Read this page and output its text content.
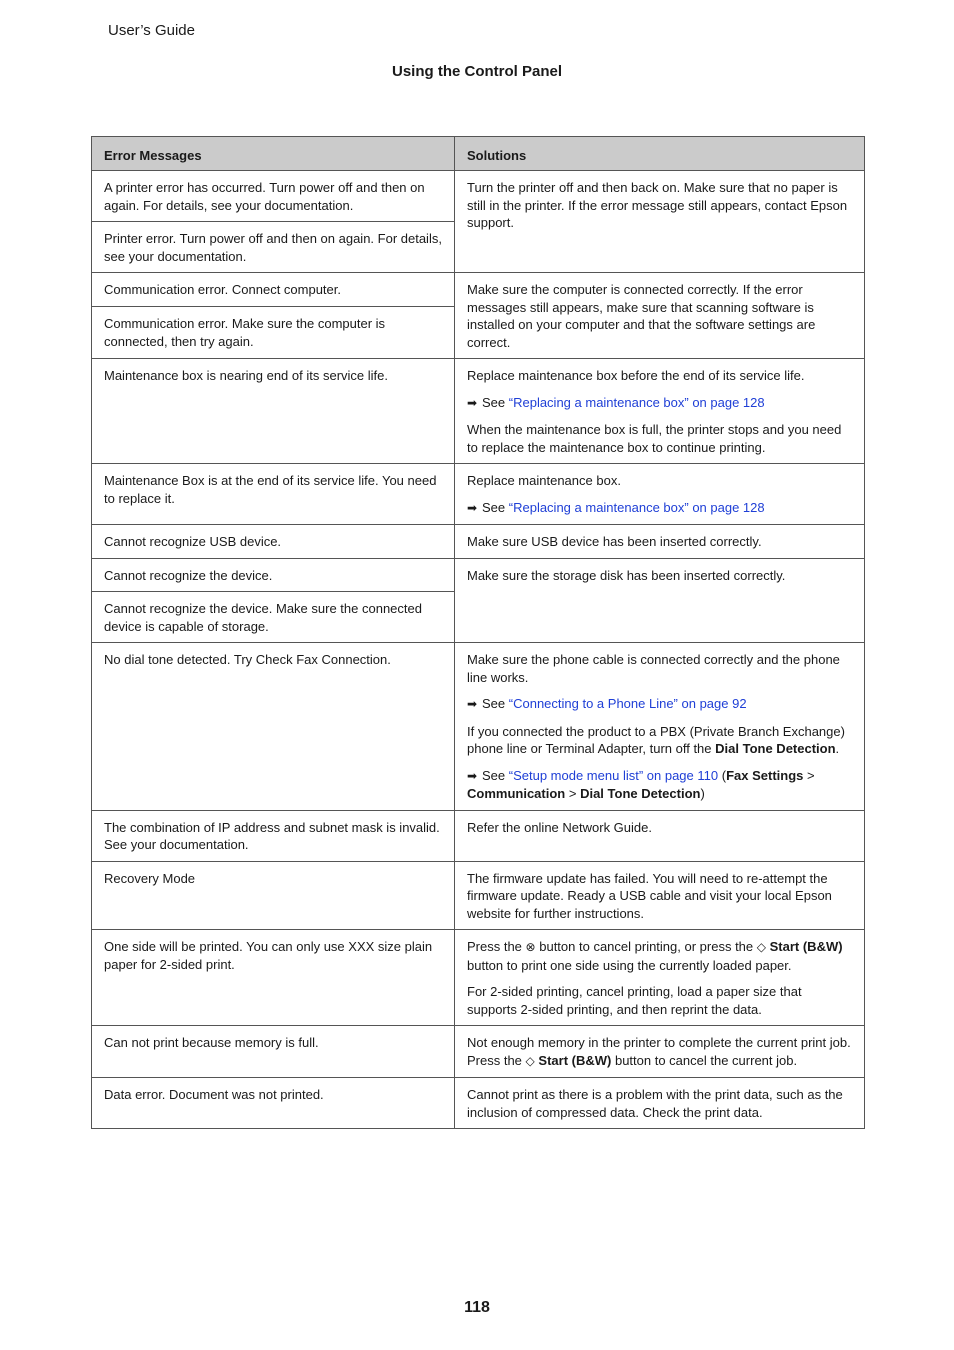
User’s Guide
Using the Control Panel
Error Messages	Solutions
A printer error has occurred. Turn power off and then on again. For details, see your documentation.	Turn the printer off and then back on. Make sure that no paper is still in the printer. If the error message still appears, contact Epson support.
Printer error. Turn power off and then on again. For details, see your documentation.	
Communication error. Connect computer.	Make sure the computer is connected correctly. If the error messages still appears, make sure that scanning software is installed on your computer and that the software settings are correct.
Communication error. Make sure the computer is connected, then try again.	
Maintenance box is nearing end of its service life.	Replace maintenance box before the end of its service life.

➡ See “Replacing a maintenance box” on page 128

When the maintenance box is full, the printer stops and you need to replace the maintenance box to continue printing.

Maintenance Box is at the end of its service life. You need to replace it.	Replace maintenance box.

➡ See “Replacing a maintenance box” on page 128

Cannot recognize USB device.	Make sure USB device has been inserted correctly.
Cannot recognize the device.	Make sure the storage disk has been inserted correctly.
Cannot recognize the device. Make sure the connected device is capable of storage.	
No dial tone detected. Try Check Fax Connection.	Make sure the phone cable is connected correctly and the phone line works.

➡ See “Connecting to a Phone Line” on page 92

If you connected the product to a PBX (Private Branch Exchange) phone line or Terminal Adapter, turn off the Dial Tone Detection.

➡ See “Setup mode menu list” on page 110 (Fax Settings > Communication > Dial Tone Detection)

The combination of IP address and subnet mask is invalid. See your documentation.	Refer the online Network Guide.
Recovery Mode	The firmware update has failed. You will need to re-attempt the firmware update. Ready a USB cable and visit your local Epson website for further instructions.
One side will be printed. You can only use XXX size plain paper for 2-sided print.	Press the ⊗ button to cancel printing, or press the ◇ Start (B&W) button to print one side using the currently loaded paper.

For 2-sided printing, cancel printing, load a paper size that supports 2-sided printing, and then reprint the data.

Can not print because memory is full.	Not enough memory in the printer to complete the current print job. Press the ◇ Start (B&W) button to cancel the current job.
Data error. Document was not printed.	Cannot print as there is a problem with the print data, such as the inclusion of compressed data. Check the print data.
118
